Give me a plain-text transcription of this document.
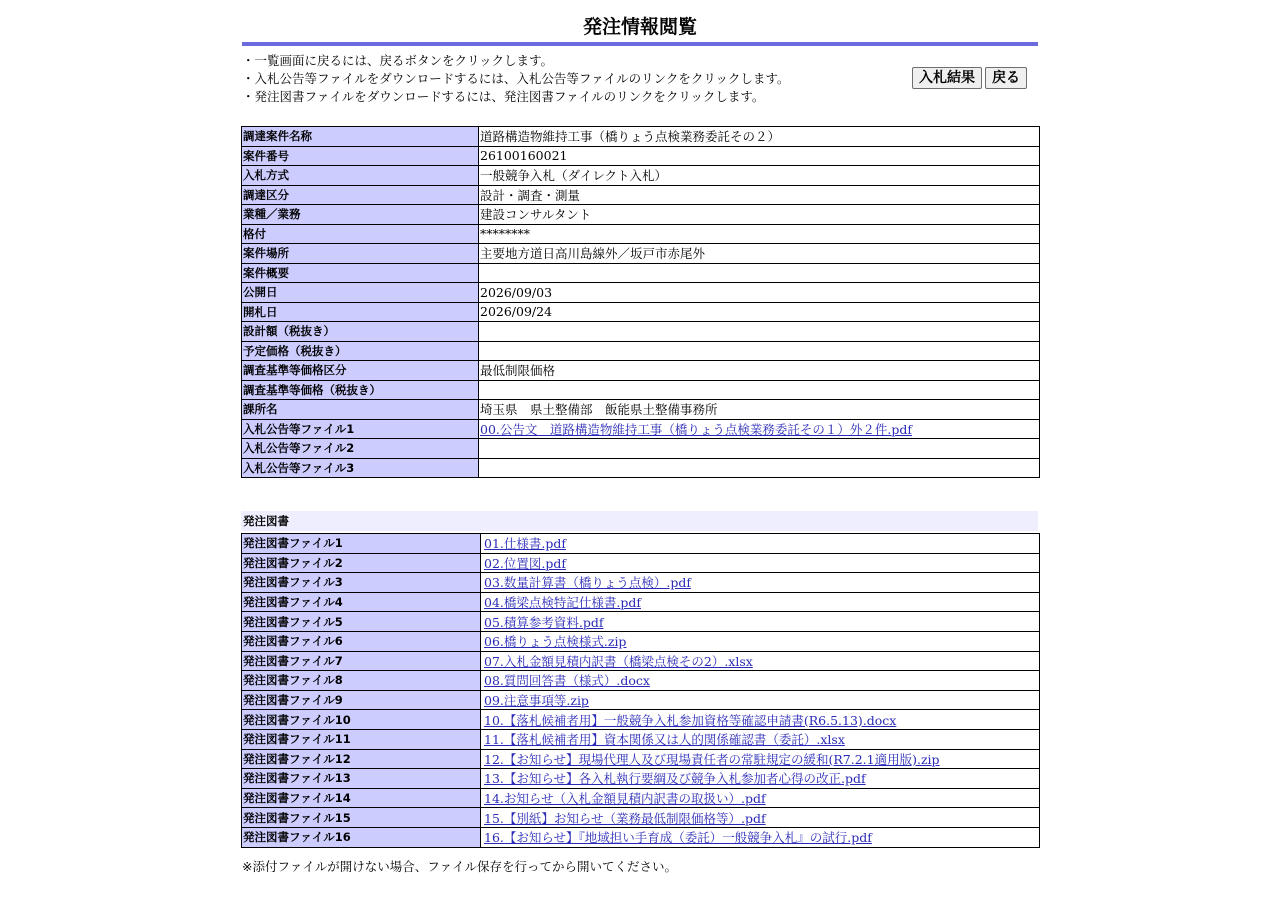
発注情報閲覧
・一覧画面に戻るには、戻るボタンをクリックします。
・入札公告等ファイルをダウンロードするには、入札公告等ファイルのリンクをクリックします。
・発注図書ファイルをダウンロードするには、発注図書ファイルのリンクをクリックします。
入札結果	戻る
調達案件名称	道路構造物維持工事（橋りょう点検業務委託その２）
案件番号	26100160021
入札方式	一般競争入札（ダイレクト入札）
調達区分	設計・調査・測量
業種／業務	建設コンサルタント
格付	********
案件場所	主要地方道日高川島線外／坂戸市赤尾外
案件概要	
公開日	2026/09/03
開札日	2026/09/24
設計額（税抜き）	
予定価格（税抜き）	
調査基準等価格区分	最低制限価格
調査基準等価格（税抜き）	
課所名	埼玉県　県土整備部　飯能県土整備事務所
入札公告等ファイル1	00.公告文　道路構造物維持工事（橋りょう点検業務委託その１）外２件.pdf
入札公告等ファイル2	
入札公告等ファイル3	
発注図書
発注図書ファイル1	01.仕様書.pdf
発注図書ファイル2	02.位置図.pdf
発注図書ファイル3	03.数量計算書（橋りょう点検）.pdf
発注図書ファイル4	04.橋梁点検特記仕様書.pdf
発注図書ファイル5	05.積算参考資料.pdf
発注図書ファイル6	06.橋りょう点検様式.zip
発注図書ファイル7	07.入札金額見積内訳書（橋梁点検その2）.xlsx
発注図書ファイル8	08.質問回答書（様式）.docx
発注図書ファイル9	09.注意事項等.zip
発注図書ファイル10	10.【落札候補者用】一般競争入札参加資格等確認申請書(R6.5.13).docx
発注図書ファイル11	11.【落札候補者用】資本関係又は人的関係確認書（委託）.xlsx
発注図書ファイル12	12.【お知らせ】現場代理人及び現場責任者の常駐規定の緩和(R7.2.1適用版).zip
発注図書ファイル13	13.【お知らせ】各入札執行要綱及び競争入札参加者心得の改正.pdf
発注図書ファイル14	14.お知らせ（入札金額見積内訳書の取扱い）.pdf
発注図書ファイル15	15.【別紙】お知らせ（業務最低制限価格等）.pdf
発注図書ファイル16	16.【お知らせ】『地域担い手育成（委託）一般競争入札』の試行.pdf
※添付ファイルが開けない場合、ファイル保存を行ってから開いてください。
